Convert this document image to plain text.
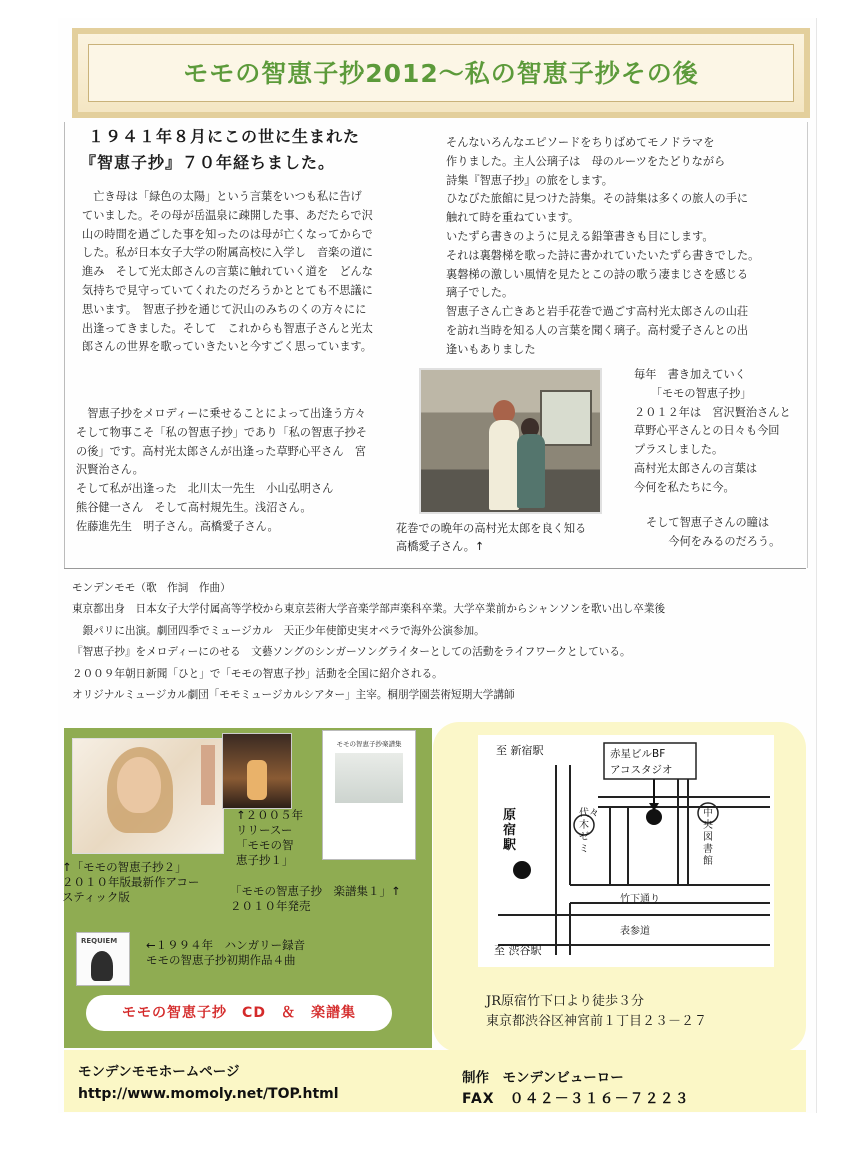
モモの智恵子抄2012～私の智恵子抄その後
１９４１年８月にこの世に生まれた
『智恵子抄』７０年経ちました。
　亡き母は「緑色の太陽」という言葉をいつも私に告げ
ていました。その母が岳温泉に疎開した事、あだたらで沢
山の時間を過ごした事を知ったのは母が亡くなってからで
した。私が日本女子大学の附属高校に入学し　音楽の道に
進み　そして光太郎さんの言葉に触れていく道を　どんな
気持ちで見守っていてくれたのだろうかととても不思議に
思います。　智恵子抄を通じて沢山のみちのくの方々にに
出逢ってきました。そして　これからも智恵子さんと光太
郎さんの世界を歌っていきたいと今すごく思っています。
　智恵子抄をメロディーに乗せることによって出逢う方々
そして物事こそ「私の智恵子抄」であり「私の智恵子抄そ
の後」です。高村光太郎さんが出逢った草野心平さん　宮
沢賢治さん。
そして私が出逢った　北川太一先生　小山弘明さん
熊谷健一さん　そして高村規先生。浅沼さん。
佐藤進先生　明子さん。高橋愛子さん。
そんないろんなエピソードをちりばめてモノドラマを
作りました。主人公璃子は　母のルーツをたどりながら
詩集『智恵子抄』の旅をします。
ひなびた旅館に見つけた詩集。その詩集は多くの旅人の手に
触れて時を重ねています。
いたずら書きのように見える鉛筆書きも目にします。
それは裏磐梯を歌った詩に書かれていたいたずら書きでした。
裏磐梯の激しい風情を見たとこの詩の歌う凄まじさを感じる
璃子でした。
智恵子さん亡きあと岩手花巻で過ごす高村光太郎さんの山荘
を訪れ当時を知る人の言葉を聞く璃子。高村愛子さんとの出
逢いもありました
花巻での晩年の高村光太郎を良く知る
高橋愛子さん。↑
毎年　書き加えていく
　　「モモの智恵子抄」
２０１２年は　宮沢賢治さんと
草野心平さんとの日々も今回
プラスしました。
高村光太郎さんの言葉は
今何を私たちに今。
そして智恵子さんの瞳は
　　今何をみるのだろう。
モンデンモモ（歌　作詞　作曲）
東京都出身　日本女子大学付属高等学校から東京芸術大学音楽学部声楽科卒業。大学卒業前からシャンソンを歌い出し卒業後
　銀パリに出演。劇団四季でミュージカル　天正少年使節史実オペラで海外公演参加。
『智恵子抄』をメロディーにのせる　文藝ソングのシンガーソングライターとしての活動をライフワークとしている。
２００９年朝日新聞「ひと」で「モモの智恵子抄」活動を全国に紹介される。
オリジナルミュージカル劇団「モモミュージカルシアター」主宰。桐朋学園芸術短期大学講師
↑２００５年
リリースー
「モモの智
恵子抄１」
モモの智恵子抄楽譜集
↑「モモの智恵子抄２」
２０１０年版最新作アコー
スティック版	「モモの智恵子抄　楽譜集１」↑
２０１０年発売
REQUIEM	←１９９４年　ハンガリー録音
モモの智恵子抄初期作品４曲
モモの智恵子抄　CD　＆　楽譜集
至 新宿駅	赤星ビルBF
アコスタジオ
原宿駅
代々木ゼミ
中央図書館
竹下通り
表参道
至 渋谷駅
JR原宿竹下口より徒歩３分
東京都渋谷区神宮前１丁目２３－２７
モンデンモモホームページ
http://www.momoly.net/TOP.html
制作　モンデンビューロー
FAX　０４２－３１６－７２２３
